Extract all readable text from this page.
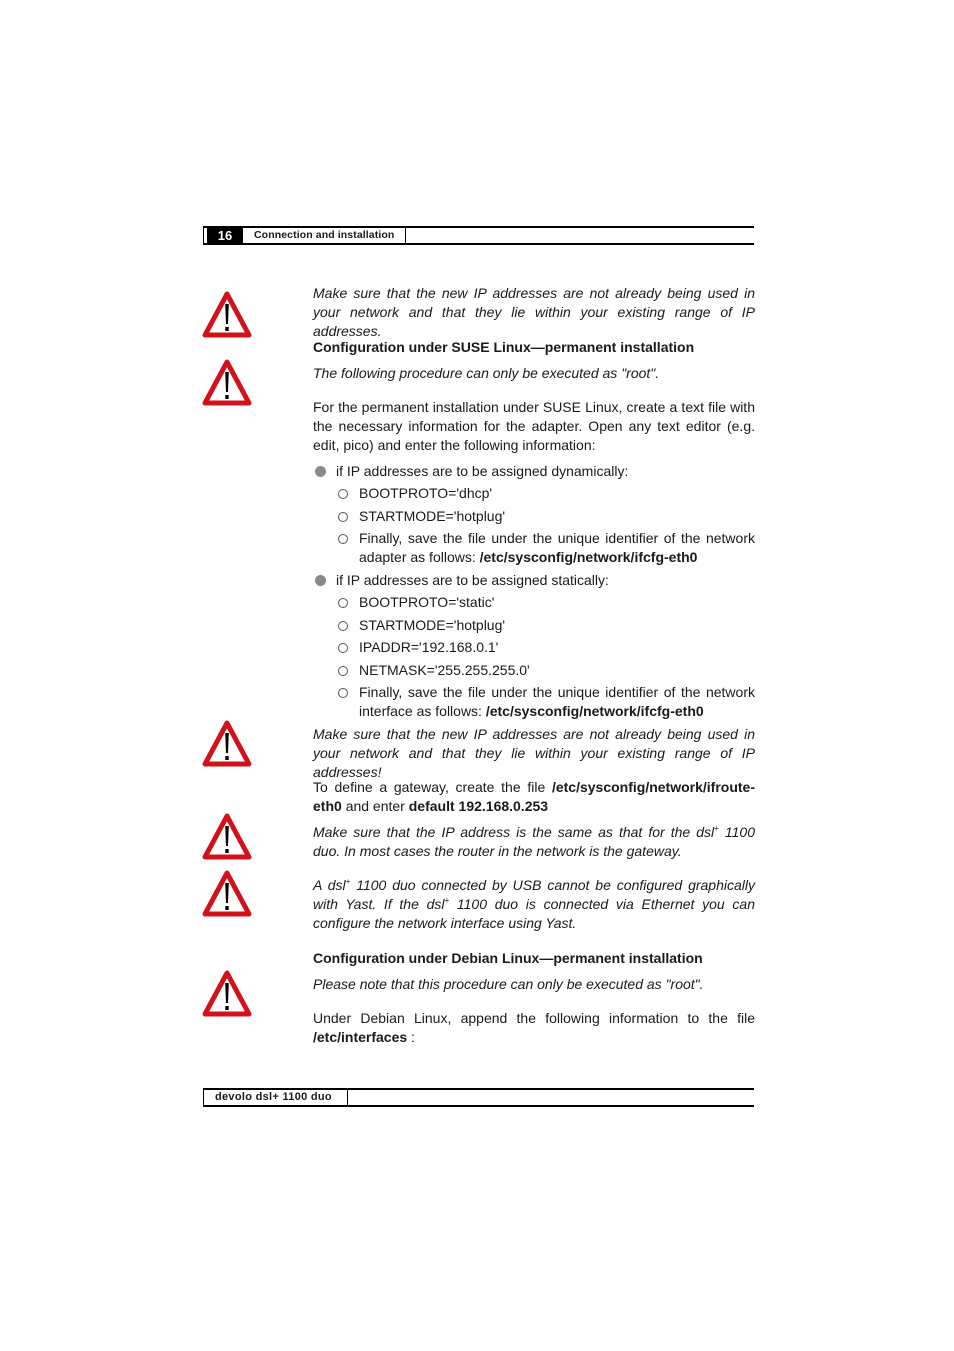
16	Connection and installation
Make sure that the new IP addresses are not already being used in your network and that they lie within your existing range of IP addresses.
Configuration under SUSE Linux—permanent installation
The following procedure can only be executed as "root".
For the permanent installation under SUSE Linux, create a text file with the necessary information for the adapter. Open any text editor (e.g. edit, pico) and enter the following information:
if IP addresses are to be assigned dynamically:
BOOTPROTO='dhcp'
STARTMODE='hotplug'
Finally, save the file under the unique identifier of the network adapter as follows: /etc/sysconfig/network/ifcfg-eth0
if IP addresses are to be assigned statically:
BOOTPROTO='static'
STARTMODE='hotplug'
IPADDR='192.168.0.1'
NETMASK='255.255.255.0'
Finally, save the file under the unique identifier of the network interface as follows: /etc/sysconfig/network/ifcfg-eth0
Make sure that the new IP addresses are not already being used in your network and that they lie within your existing range of IP addresses!
To define a gateway, create the file /etc/sysconfig/network/ifroute-eth0 and enter default 192.168.0.253
Make sure that the IP address is the same as that for the dsl+ 1100 duo. In most cases the router in the network is the gateway.
A dsl+ 1100 duo connected by USB cannot be configured graphically with Yast. If the dsl+ 1100 duo is connected via Ethernet you can configure the network interface using Yast.
Configuration under Debian Linux—permanent installation
Please note that this procedure can only be executed as "root".
Under Debian Linux, append the following information to the file /etc/interfaces :
devolo dsl+ 1100 duo
